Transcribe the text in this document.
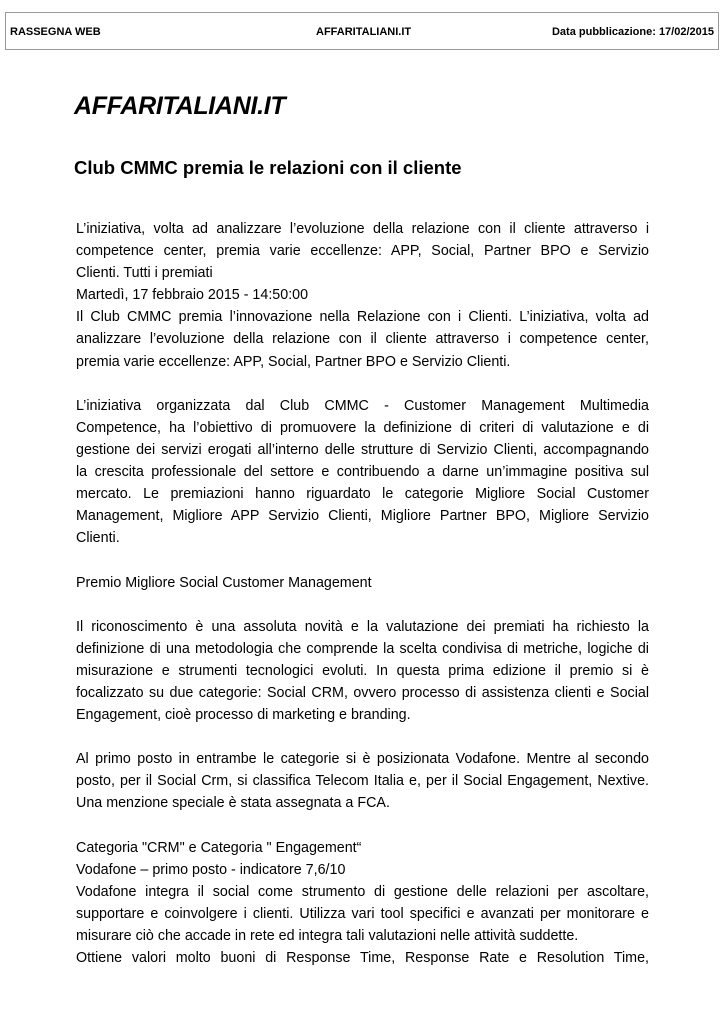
RASSEGNA WEB	AFFARITALIANI.IT	Data pubblicazione: 17/02/2015
AFFARITALIANI.IT
Club CMMC premia le relazioni con il cliente

L’iniziativa, volta ad analizzare l’evoluzione della relazione con il cliente attraverso i

competence center, premia varie eccellenze: APP, Social, Partner BPO e Servizio

Clienti. Tutti i premiati

Martedì, 17 febbraio 2015 - 14:50:00

Il Club CMMC premia l’innovazione nella Relazione con i Clienti. L’iniziativa, volta ad

analizzare l’evoluzione della relazione con il cliente attraverso i competence center,

premia varie eccellenze: APP, Social, Partner BPO e Servizio Clienti.

L’iniziativa organizzata dal Club CMMC - Customer Management Multimedia

Competence, ha l’obiettivo di promuovere la definizione di criteri di valutazione e di

gestione dei servizi erogati all’interno delle strutture di Servizio Clienti, accompagnando

la crescita professionale del settore e contribuendo a darne un’immagine positiva sul

mercato. Le premiazioni hanno riguardato le categorie Migliore Social Customer

Management, Migliore APP Servizio Clienti, Migliore Partner BPO, Migliore Servizio

Clienti.

Premio Migliore Social Customer Management

Il riconoscimento è una assoluta novità e la valutazione dei premiati ha richiesto la

definizione di una metodologia che comprende la scelta condivisa di metriche, logiche di

misurazione e strumenti tecnologici evoluti. In questa prima edizione il premio si è

focalizzato su due categorie: Social CRM, ovvero processo di assistenza clienti e Social

Engagement, cioè processo di marketing e branding.

Al primo posto in entrambe le categorie si è posizionata Vodafone. Mentre al secondo

posto, per il Social Crm, si classifica Telecom Italia e, per il Social Engagement, Nextive.

Una menzione speciale è stata assegnata a FCA.

Categoria "CRM" e Categoria " Engagement“

Vodafone – primo posto - indicatore 7,6/10

Vodafone integra il social come strumento di gestione delle relazioni per ascoltare,

supportare e coinvolgere i clienti. Utilizza vari tool specifici e avanzati per monitorare e

misurare ciò che accade in rete ed integra tali valutazioni nelle attività suddette.

Ottiene valori molto buoni di Response Time, Response Rate e Resolution Time,
